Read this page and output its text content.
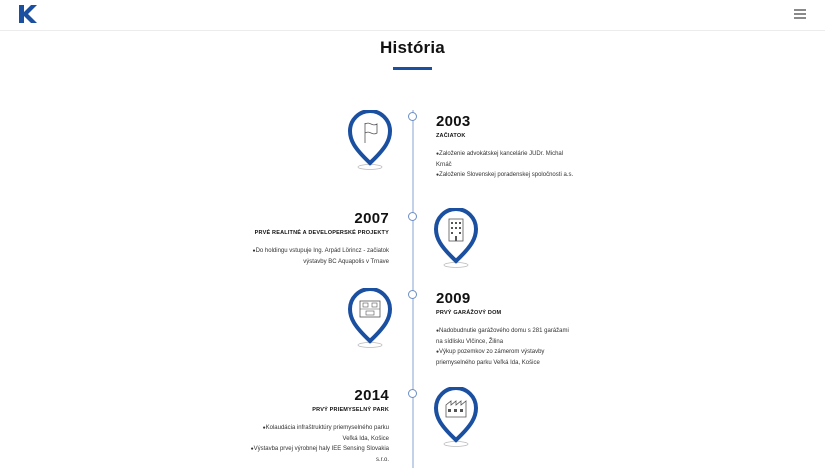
História
2003
ZAČIATOK
● Založenie advokátskej kancelárie JUDr. Michal Krnáč
● Založenie Slovenskej poradenskej spoločnosti a.s.
2007
PRVÉ REALITNÉ A DEVELOPERSKÉ PROJEKTY
● Do holdingu vstupuje Ing. Arpád Lörincz - začiatok výstavby BC Aquapolis v Trnave
2009
PRVÝ GARÁŽOVÝ DOM
● Nadobudnutie garážového domu s 281 garážami na sídlisku Vlčince, Žilina
● Výkup pozemkov zo zámerom výstavby priemyselného parku Veľká Ida, Košice
2014
PRVÝ PRIEMYSELNÝ PARK
● Kolaudácia infraštruktúry priemyselného parku Veľká Ida, Košice
● Výstavba prvej výrobnej haly IEE Sensing Slovakia s.r.o.
